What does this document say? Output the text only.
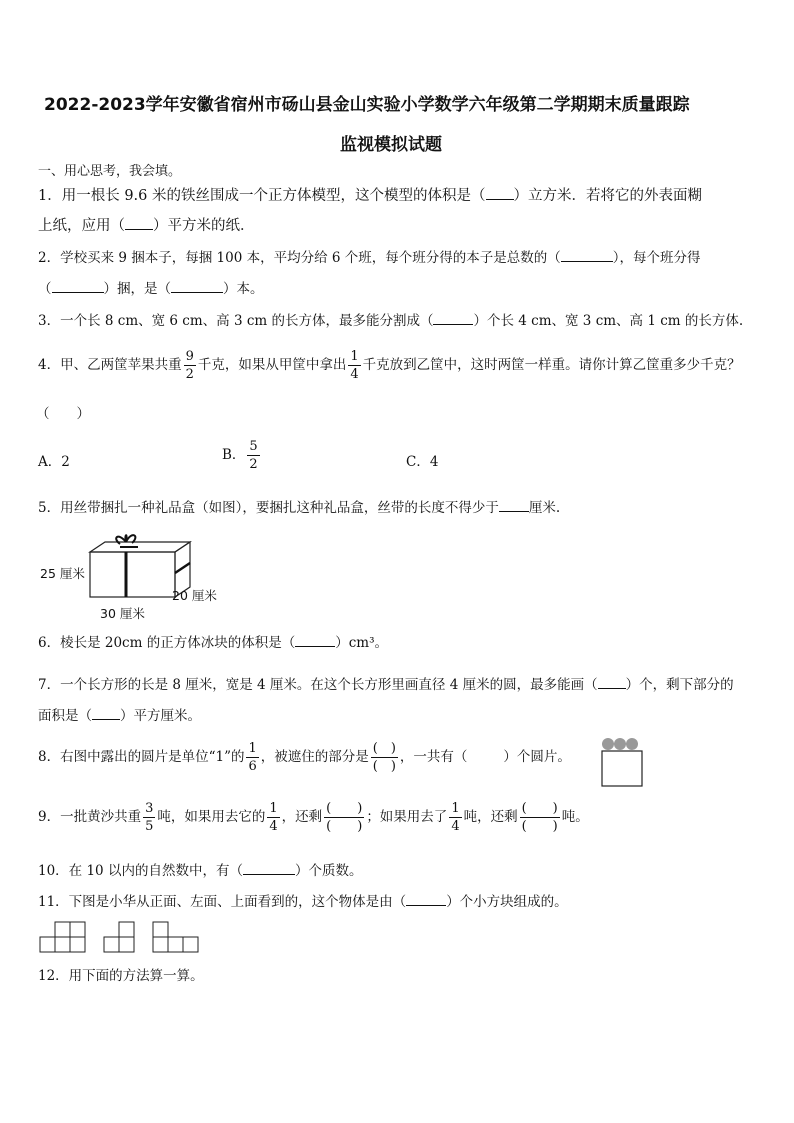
2022-2023学年安徽省宿州市砀山县金山实验小学数学六年级第二学期期末质量跟踪
监视模拟试题
一、用心思考，我会填。
1．用一根长 9.6 米的铁丝围成一个正方体模型，这个模型的体积是（ ）立方米．若将它的外表面糊
上纸，应用（ ）平方米的纸．
2．学校买来 9 捆本子，每捆 100 本，平均分给 6 个班，每个班分得的本子是总数的（	），每个班分得
（	）捆，是（	）本。
3．一个长 8 cm、宽 6 cm、高 3 cm 的长方体，最多能分割成（	）个长 4 cm、宽 3 cm、高 1 cm 的长方体.
4．甲、乙两筐苹果共重 $\frac{9}{2}$ 千克，如果从甲筐中拿出 $\frac{1}{4}$ 千克放到乙筐中，这时两筐一样重。请你计算乙筐重多少千克？
（　　）
A．2	B． $\frac{5}{2}$	C．4
5．用丝带捆扎一种礼品盒（如图），要捆扎这种礼品盒，丝带的长度不得少于 厘米.
25 厘米
20 厘米
30 厘米
6．棱长是 20cm 的正方体冰块的体积是（	）cm³。
7．一个长方形的长是 8 厘米，宽是 4 厘米。在这个长方形里画直径 4 厘米的圆，最多能画（ ）个，剩下部分的
面积是（ ）平方厘米。
8．右图中露出的圆片是单位“1”的 $\frac{1}{6}$ ，被遮住的部分是 $\frac{( )}{( )}$ ，一共有（	）个圆片。
9．一批黄沙共重 $\frac{3}{5}$ 吨，如果用去它的 $\frac{1}{4}$ ，还剩 $\frac{( )}{( )}$ ；如果用去了 $\frac{1}{4}$ 吨，还剩 $\frac{( )}{( )}$ 吨。
10．在 10 以内的自然数中，有（	）个质数。
11．下图是小华从正面、左面、上面看到的，这个物体是由（	）个小方块组成的。
12．用下面的方法算一算。
